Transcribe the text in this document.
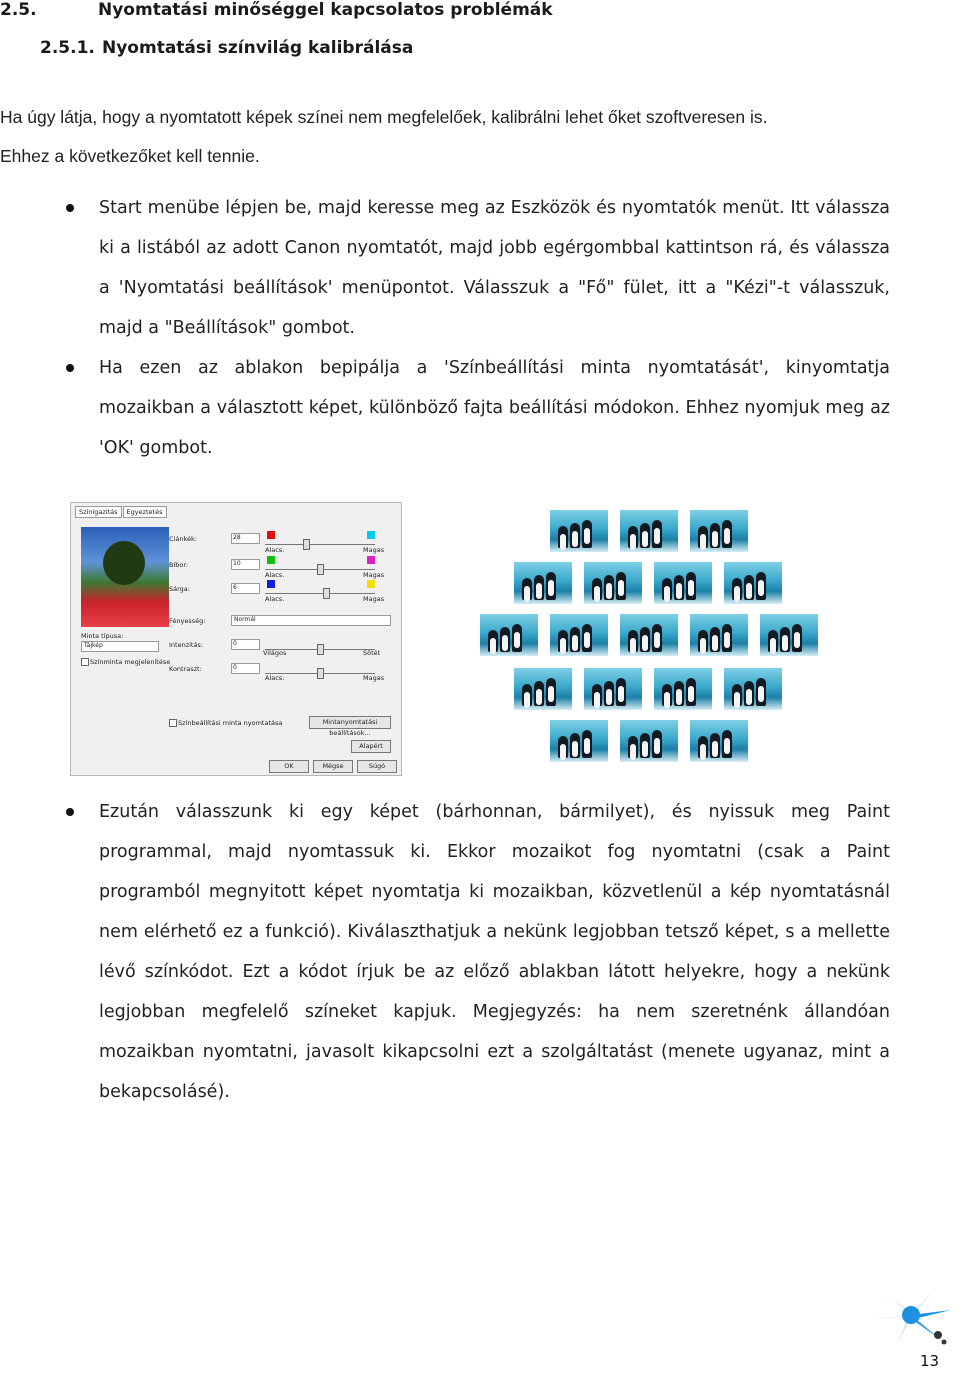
2.5.	Nyomtatási minőséggel kapcsolatos problémák
2.5.1. Nyomtatási színvilág kalibrálása

Ha úgy látja, hogy a nyomtatott képek színei nem megfelelőek, kalibrálni lehet őket szoftveresen is.

Ehhez a következőket kell tennie.

Start menübe lépjen be, majd keresse meg az Eszközök és nyomtatók menüt. Itt válassza ki a listából az adott Canon nyomtatót, majd jobb egérgombbal kattintson rá, és válassza a 'Nyomtatási beállítások' menüpontot. Válasszuk a "Fő" fület, itt a "Kézi"-t válasszuk, majd a "Beállítások" gombot.
Ha ezen az ablakon bepipálja a 'Színbeállítási minta nyomtatását', kinyomtatja mozaikban a választott képet, különböző fajta beállítási módokon. Ehhez nyomjuk meg az 'OK' gombot.
Színigazítás Egyeztetés
Ciánkék:	28
Alacs.	Magas
Bíbor:	10
Alacs.	Magas
Sárga:	6
Alacs.	Magas
Fényesség:	Normál
Minta típusa:
Tájkép
Színminta megjelenítése
Intenzitás:	0
Világos	Sötét
Kontraszt:	0
Alacs.	Magas
Színbeállítási minta nyomtatása	Mintanyomtatási beállítások...
Alapért
OK	Mégse	Súgó
Ezután válasszunk ki egy képet (bárhonnan, bármilyet), és nyissuk meg Paint programmal, majd nyomtassuk ki. Ekkor mozaikot fog nyomtatni (csak a Paint programból megnyitott képet nyomtatja ki mozaikban, közvetlenül a kép nyomtatásnál nem elérhető ez a funkció). Kiválaszthatjuk a nekünk legjobban tetsző képet, s a mellette lévő színkódot. Ezt a kódot írjuk be az előző ablakban látott helyekre, hogy a nekünk legjobban megfelelő színeket kapjuk. Megjegyzés: ha nem szeretnénk állandóan mozaikban nyomtatni, javasolt kikapcsolni ezt a szolgáltatást (menete ugyanaz, mint a bekapcsolásé).
13
